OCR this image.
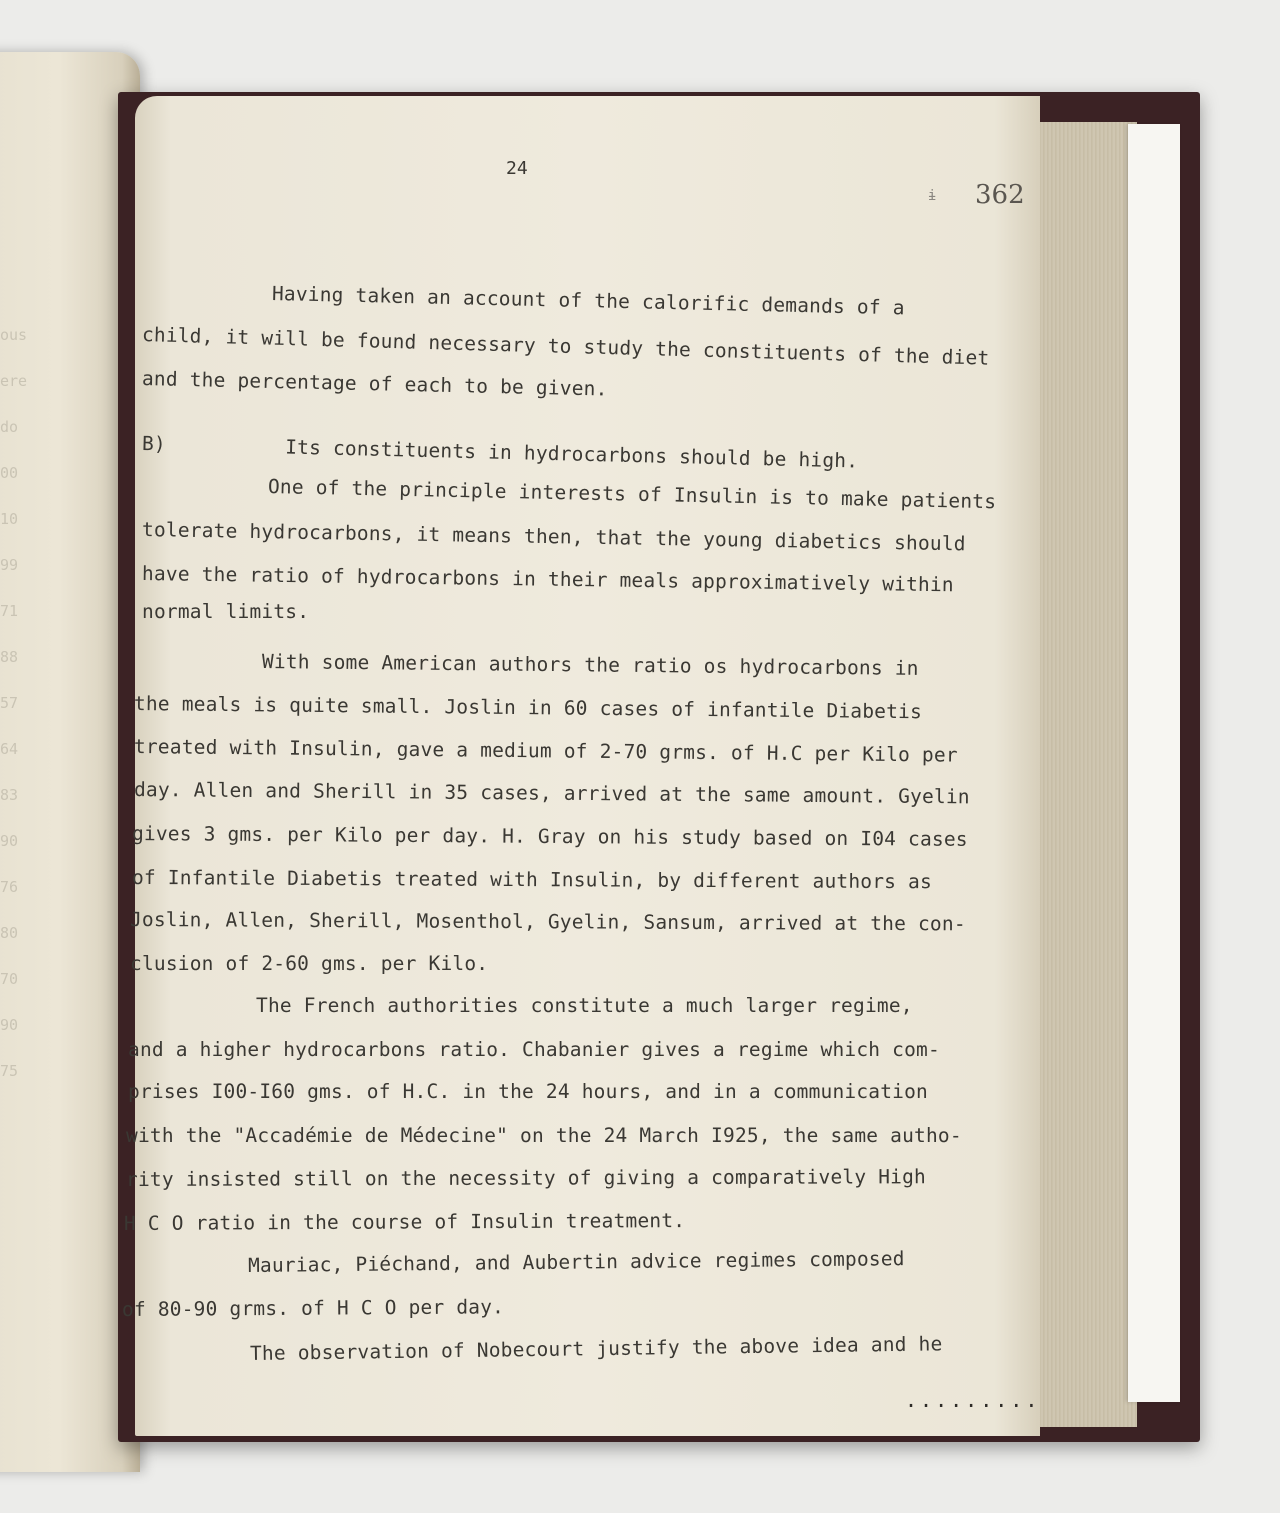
ous
ere
do
00
10
99
71
88
57
64
83
90
76
80
70
90
75
24
ɨ 362
Having taken an account of the calorific demands of a
child, it will be found necessary to study the constituents of the diet
and the percentage of each to be given.
B)          Its constituents in hydrocarbons should be high.
One of the principle interests of Insulin is to make patients
tolerate hydrocarbons, it means then, that the young diabetics should
have the ratio of hydrocarbons in their meals approximatively within
normal limits.
With some American authors the ratio os hydrocarbons in
the meals is quite small. Joslin in 60 cases of infantile Diabetis
treated with Insulin, gave a medium of 2-70 grms. of H.C per Kilo per
day. Allen and Sherill in 35 cases, arrived at the same amount. Gyelin
gives 3 gms. per Kilo per day. H. Gray on his study based on I04 cases
of Infantile Diabetis treated with Insulin, by different authors as
Joslin, Allen, Sherill, Mosenthol, Gyelin, Sansum, arrived at the con-
clusion of 2-60 gms. per Kilo.
The French authorities constitute a much larger regime,
and a higher hydrocarbons ratio. Chabanier gives a regime which com-
prises I00-I60 gms. of H.C. in the 24 hours, and in a communication
with the "Accadémie de Médecine" on the 24 March I925, the same autho-
rity insisted still on the necessity of giving a comparatively High
H C O ratio in the course of Insulin treatment.
Mauriac, Piéchand, and Aubertin advice regimes composed
of 80-90 grms. of H C O per day.
The observation of Nobecourt justify the above idea and he
.........
